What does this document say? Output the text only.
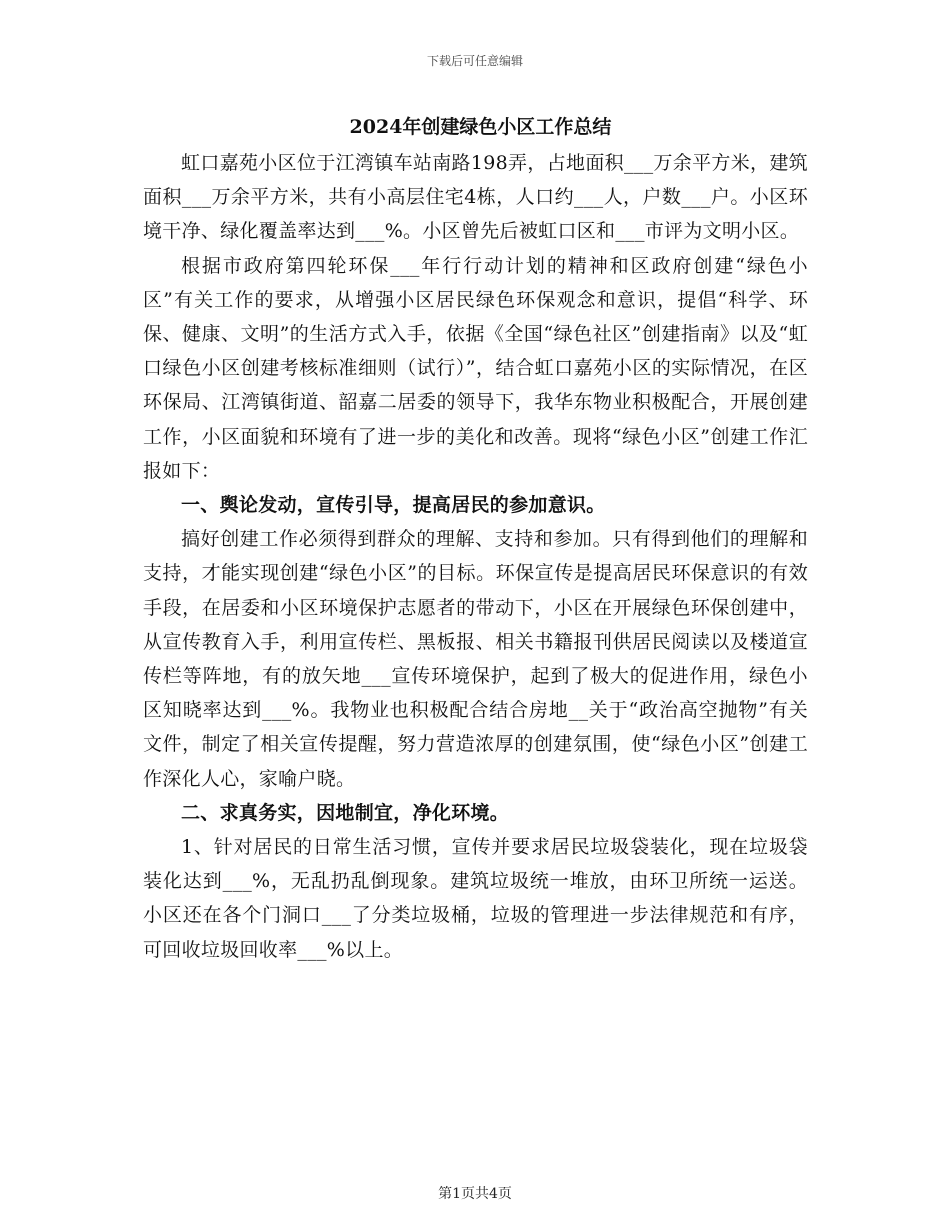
下载后可任意编辑
2024年创建绿色小区工作总结

虹口嘉苑小区位于江湾镇车站南路198弄，占地面积___万余平方米，建筑面积___万余平方米，共有小高层住宅4栋，人口约___人，户数___户。小区环境干净、绿化覆盖率达到___%。小区曾先后被虹口区和___市评为文明小区。

根据市政府第四轮环保___年行行动计划的精神和区政府创建“绿色小区”有关工作的要求，从增强小区居民绿色环保观念和意识，提倡“科学、环保、健康、文明”的生活方式入手，依据《全国“绿色社区”创建指南》以及“虹口绿色小区创建考核标准细则（试行）”，结合虹口嘉苑小区的实际情况，在区环保局、江湾镇街道、韶嘉二居委的领导下，我华东物业积极配合，开展创建工作，小区面貌和环境有了进一步的美化和改善。现将“绿色小区”创建工作汇报如下：

一、舆论发动，宣传引导，提高居民的参加意识。

搞好创建工作必须得到群众的理解、支持和参加。只有得到他们的理解和支持，才能实现创建“绿色小区”的目标。环保宣传是提高居民环保意识的有效手段，在居委和小区环境保护志愿者的带动下，小区在开展绿色环保创建中，从宣传教育入手，利用宣传栏、黑板报、相关书籍报刊供居民阅读以及楼道宣传栏等阵地，有的放矢地___宣传环境保护，起到了极大的促进作用，绿色小区知晓率达到___%。我物业也积极配合结合房地__关于“政治高空抛物”有关文件，制定了相关宣传提醒，努力营造浓厚的创建氛围，使“绿色小区”创建工作深化人心，家喻户晓。

二、求真务实，因地制宜，净化环境。

1、针对居民的日常生活习惯，宣传并要求居民垃圾袋装化，现在垃圾袋装化达到___%，无乱扔乱倒现象。建筑垃圾统一堆放，由环卫所统一运送。小区还在各个门洞口___了分类垃圾桶，垃圾的管理进一步法律规范和有序，可回收垃圾回收率___%以上。

第1页共4页
